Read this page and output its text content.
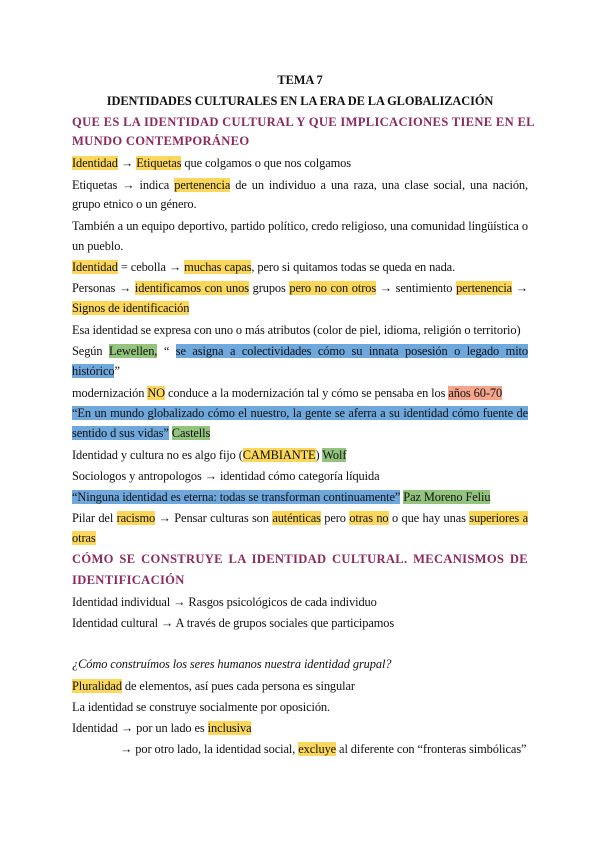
TEMA 7
IDENTIDADES CULTURALES EN LA ERA DE LA GLOBALIZACIÓN
QUE ES LA IDENTIDAD CULTURAL Y QUE IMPLICACIONES TIENE EN EL
MUNDO CONTEMPORÁNEO
Identidad → Etiquetas que colgamos o que nos colgamos
Etiquetas → indica pertenencia de un individuo a una raza, una clase social, una nación,
grupo etnico o un género.
También a un equipo deportivo, partido político, credo religioso, una comunidad lingüística o
un pueblo.
Identidad = cebolla → muchas capas, pero si quitamos todas se queda en nada.
Personas → identificamos con unos grupos pero no con otros → sentimiento pertenencia →
Signos de identificación
Esa identidad se expresa con uno o más atributos (color de piel, idioma, religión o territorio)
Según Lewellen, “ se asigna a colectividades cómo su innata posesión o legado mito
histórico”
modernización NO conduce a la modernización tal y cómo se pensaba en los años 60-70
“En un mundo globalizado cómo el nuestro, la gente se aferra a su identidad cómo fuente de
sentido d sus vidas” Castells
Identidad y cultura no es algo fijo (CAMBIANTE) Wolf
Sociologos y antropologos → identidad cómo categoría líquida
“Ninguna identidad es eterna: todas se transforman continuamente” Paz Moreno Feliu
Pilar del racismo → Pensar culturas son auténticas pero otras no o que hay unas superiores a
otras
CÓMO SE CONSTRUYE LA IDENTIDAD CULTURAL. MECANISMOS DE
IDENTIFICACIÓN
Identidad individual → Rasgos psicológicos de cada individuo
Identidad cultural → A través de grupos sociales que participamos
¿Cómo construímos los seres humanos nuestra identidad grupal?
Pluralidad de elementos, así pues cada persona es singular
La identidad se construye socialmente por oposición.
Identidad → por un lado es inclusiva
→ por otro lado, la identidad social, excluye al diferente con “fronteras simbólicas”
